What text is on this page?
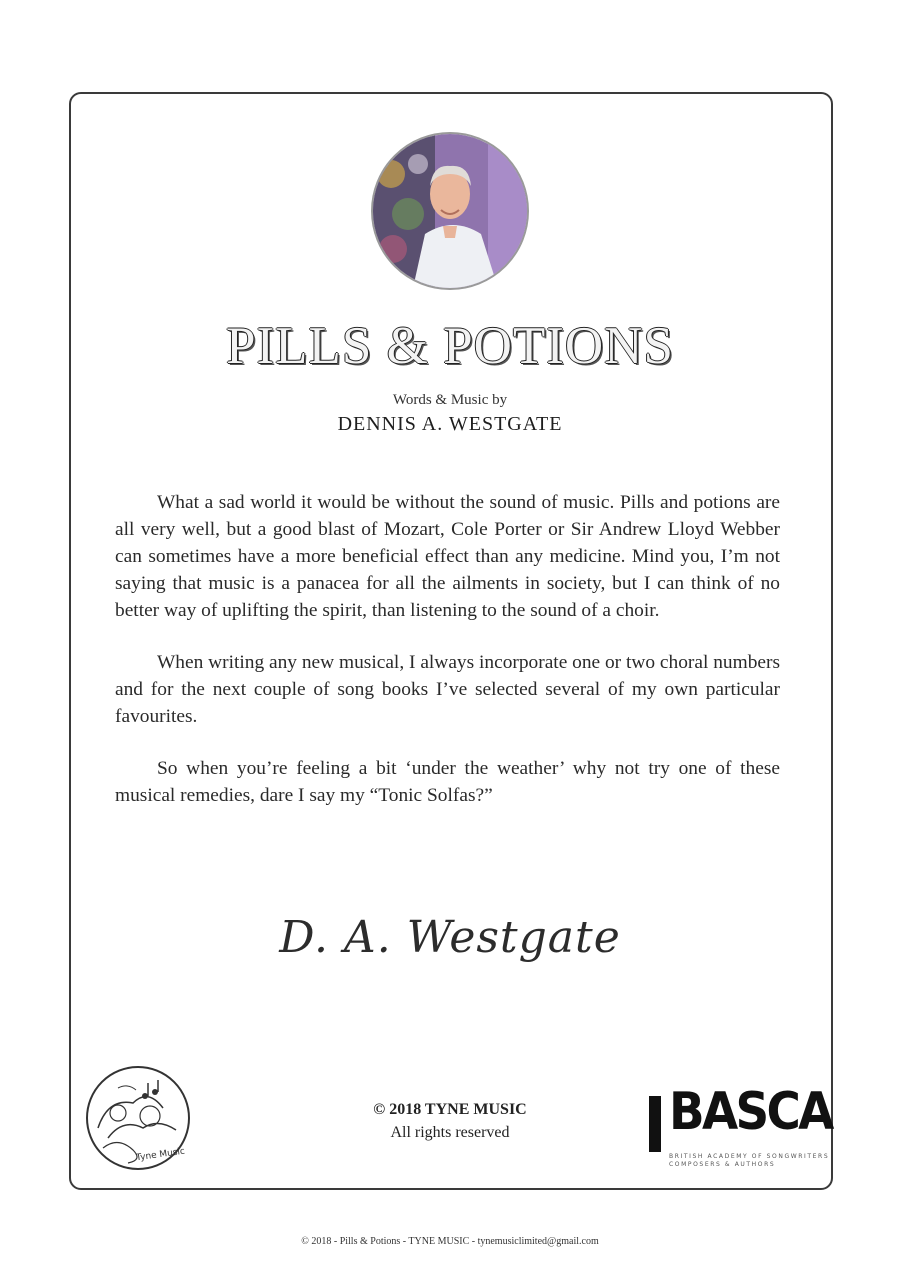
PILLS & POTIONS
Words & Music by
DENNIS A. WESTGATE

What a sad world it would be without the sound of music. Pills and potions are all very well, but a good blast of Mozart, Cole Porter or Sir Andrew Lloyd Webber can sometimes have a more beneficial effect than any medicine. Mind you, I’m not saying that music is a panacea for all the ailments in society, but I can think of no better way of uplifting the spirit, than listening to the sound of a choir.

When writing any new musical, I always incorporate one or two choral numbers and for the next couple of song books I’ve selected several of my own particular favourites.

So when you’re feeling a bit ‘under the weather’ why not try one of these musical remedies, dare I say my “Tonic Solfas?”

D. A. Westgate
Tyne Music
© 2018 TYNE MUSIC
All rights reserved	BASCA
BRITISH ACADEMY OF SONGWRITERS
COMPOSERS & AUTHORS
© 2018 - Pills & Potions - TYNE MUSIC - tynemusiclimited@gmail.com
